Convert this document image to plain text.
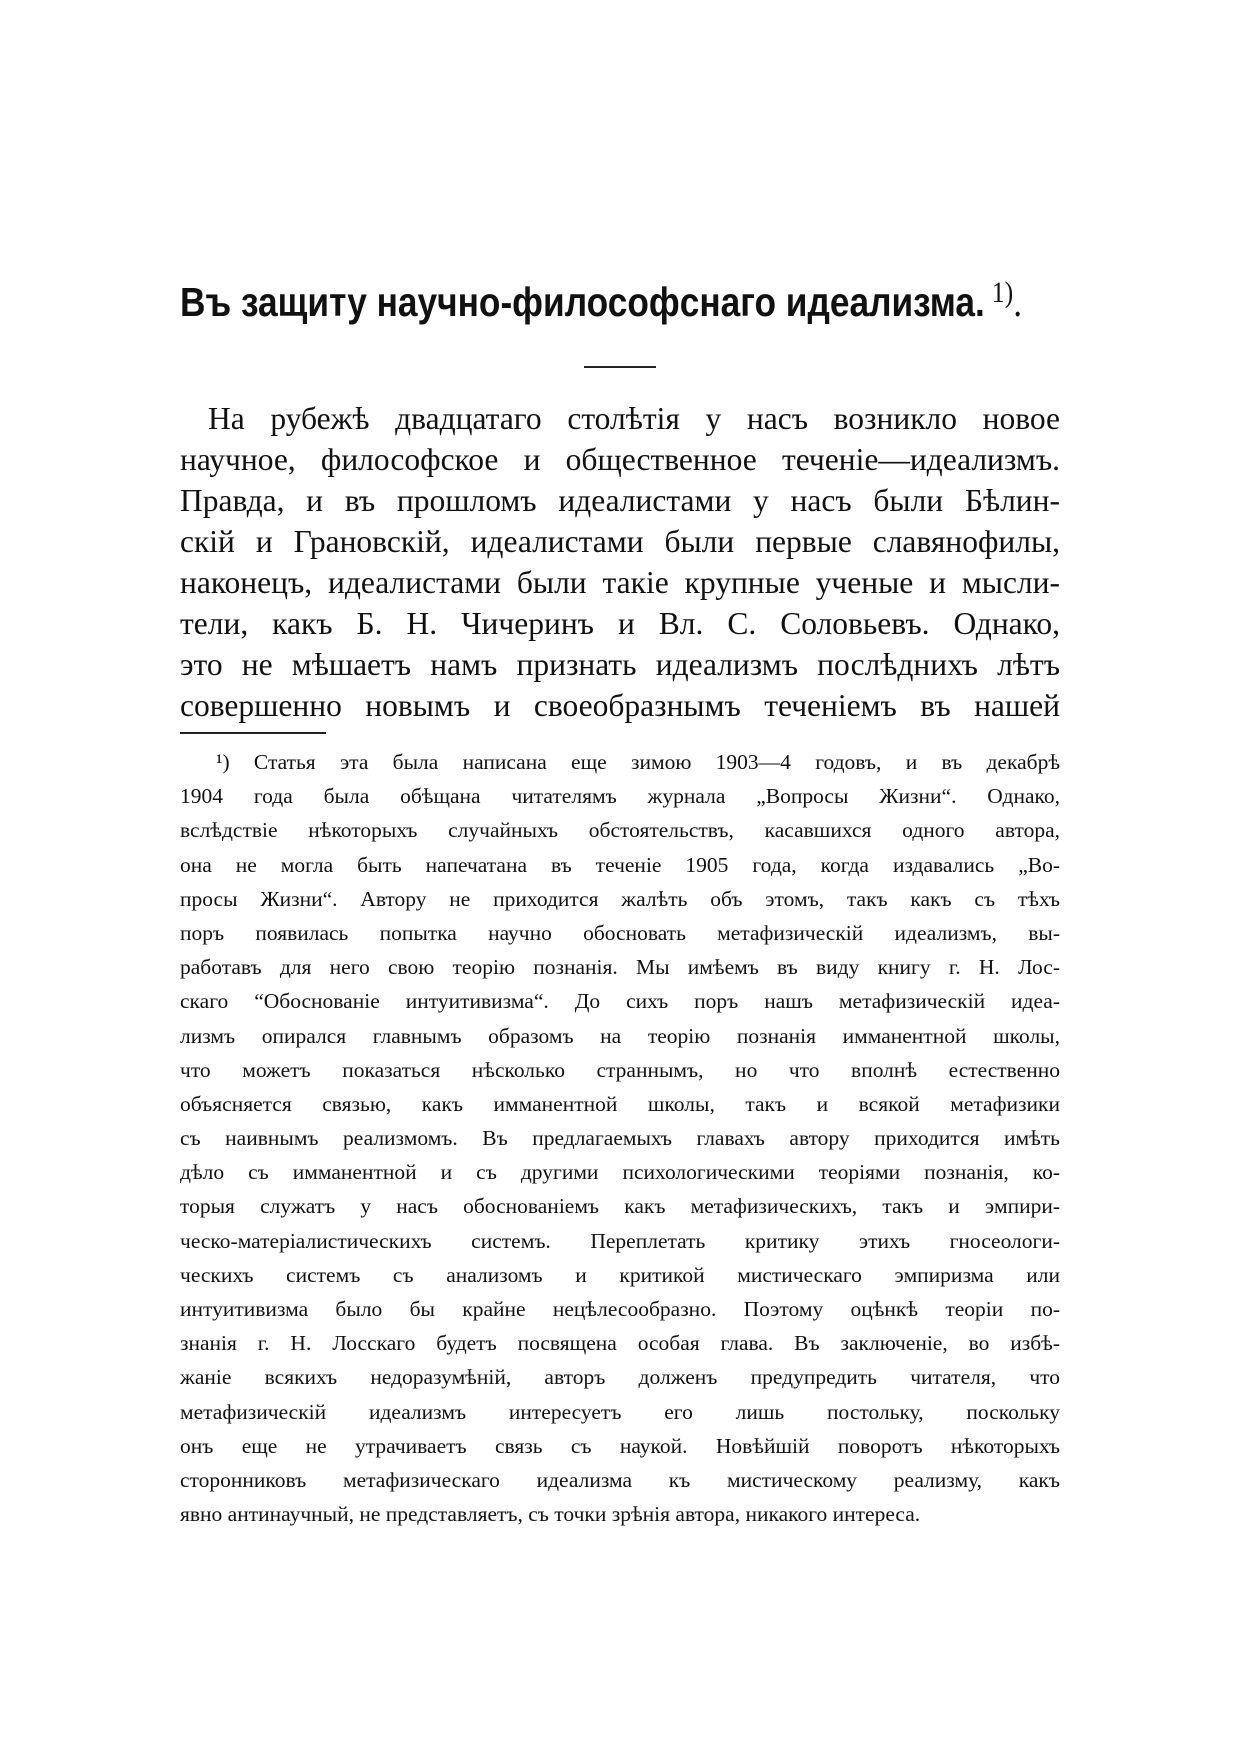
Въ защиту научно-философснаго идеализма. $^{1)}$.
На рубежѣ двадцатаго столѣтія у насъ возникло новое
научное, философское и общественное теченіе—идеализмъ.
Правда, и въ прошломъ идеалистами у насъ были Бѣлин-
скій и Грановскій, идеалистами были первые славянофилы,
наконецъ, идеалистами были такіе крупные ученые и мысли-
тели, какъ Б. Н. Чичеринъ и Вл. С. Соловьевъ. Однако,
это не мѣшаетъ намъ признать идеализмъ послѣднихъ лѣтъ
совершенно новымъ и своеобразнымъ теченіемъ въ нашей
¹) Статья эта была написана еще зимою 1903—4 годовъ, и въ декабрѣ
1904 года была обѣщана читателямъ журнала „Вопросы Жизни“. Однако,
вслѣдствіе нѣкоторыхъ случайныхъ обстоятельствъ, касавшихся одного автора,
она не могла быть напечатана въ теченіе 1905 года, когда издавались „Во-
просы Жизни“. Автору не приходится жалѣть объ этомъ, такъ какъ съ тѣхъ
поръ появилась попытка научно обосновать метафизическій идеализмъ, вы-
работавъ для него свою теорію познанія. Мы имѣемъ въ виду книгу г. Н. Лос-
скаго “Обоснованіе интуитивизма“. До сихъ поръ нашъ метафизическій идеа-
лизмъ опирался главнымъ образомъ на теорію познанія имманентной школы,
что можетъ показаться нѣсколько страннымъ, но что вполнѣ естественно
объясняется связью, какъ имманентной школы, такъ и всякой метафизики
съ наивнымъ реализмомъ. Въ предлагаемыхъ главахъ автору приходится имѣть
дѣло съ имманентной и съ другими психологическими теоріями познанія, ко-
торыя служатъ у насъ обоснованіемъ какъ метафизическихъ, такъ и эмпири-
ческо-матеріалистическихъ системъ. Переплетать критику этихъ гносеологи-
ческихъ системъ съ анализомъ и критикой мистическаго эмпиризма или
интуитивизма было бы крайне нецѣлесообразно. Поэтому оцѣнкѣ теоріи по-
знанія г. Н. Лосскаго будетъ посвящена особая глава. Въ заключеніе, во избѣ-
жаніе всякихъ недоразумѣній, авторъ долженъ предупредить читателя, что
метафизическій идеализмъ интересуетъ его лишь постольку, поскольку
онъ еще не утрачиваетъ связь съ наукой. Новѣйшій поворотъ нѣкоторыхъ
сторонниковъ метафизическаго идеализма къ мистическому реализму, какъ
явно антинаучный, не представляетъ, съ точки зрѣнія автора, никакого интереса.
